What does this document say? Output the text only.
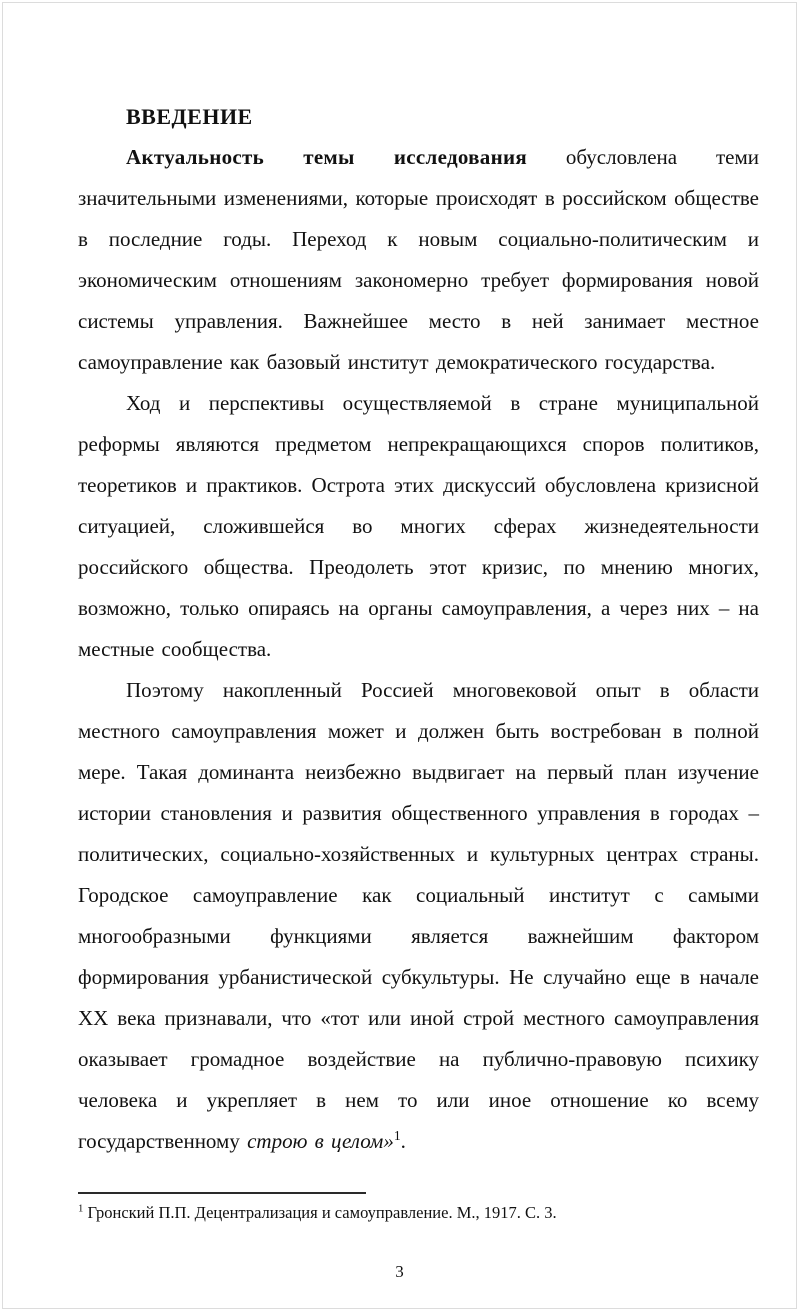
ВВЕДЕНИЕ

Актуальность темы исследования обусловлена теми значительными изменениями, которые происходят в российском обществе в последние годы. Переход к новым социально-политическим и экономическим отношениям закономерно требует формирования новой системы управления. Важнейшее место в ней занимает местное самоуправление как базовый институт демократического государства.

Ход и перспективы осуществляемой в стране муниципальной реформы являются предметом непрекращающихся споров политиков, теоретиков и практиков. Острота этих дискуссий обусловлена кризисной ситуацией, сложившейся во многих сферах жизнедеятельности российского общества. Преодолеть этот кризис, по мнению многих, возможно, только опираясь на органы самоуправления, а через них – на местные сообщества.

Поэтому накопленный Россией многовековой опыт в области местного самоуправления может и должен быть востребован в полной мере. Такая доминанта неизбежно выдвигает на первый план изучение истории становления и развития общественного управления в городах – политических, социально-хозяйственных и культурных центрах страны. Городское самоуправление как социальный институт с самыми многообразными функциями является важнейшим фактором формирования урбанистической субкультуры. Не случайно еще в начале XX века признавали, что «тот или иной строй местного самоуправления оказывает громадное воздействие на публично-правовую психику человека и укрепляет в нем то или иное отношение ко всему государственному строю в целом»$^1$.

$^1$ Гронский П.П. Децентрализация и самоуправление. М., 1917. С. 3.
3
